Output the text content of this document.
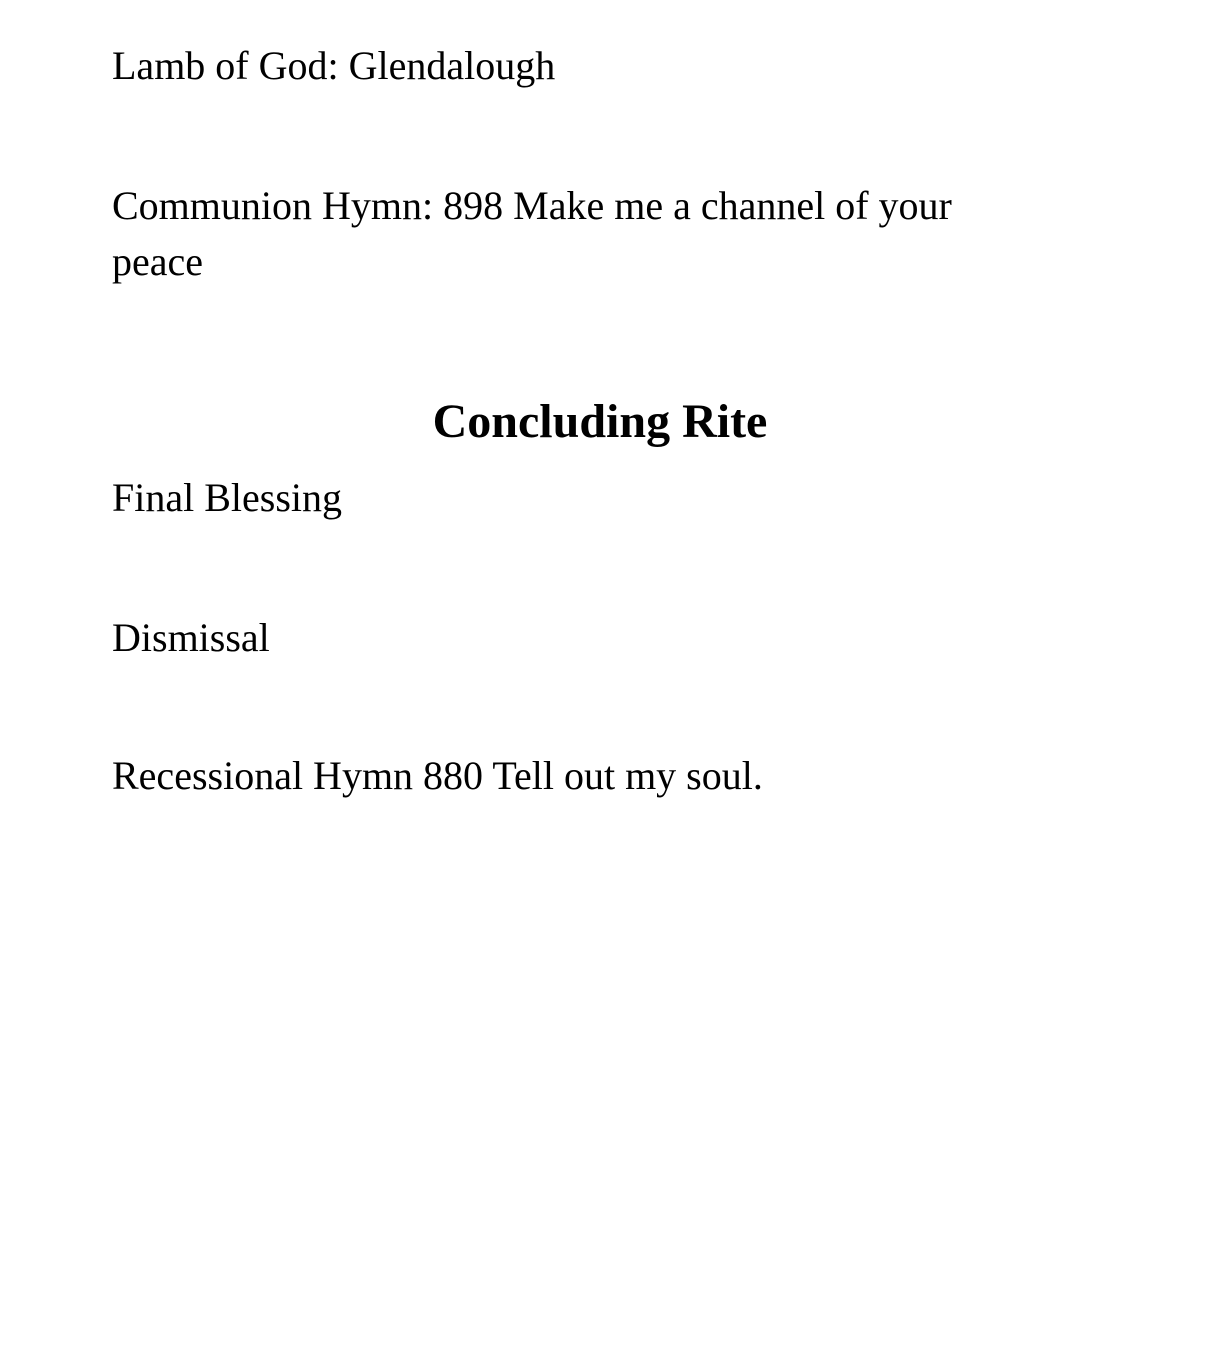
Lamb of God: Glendalough

Communion Hymn: 898 Make me a channel of your

peace

Concluding Rite

Final Blessing

Dismissal

Recessional Hymn 880 Tell out my soul.
